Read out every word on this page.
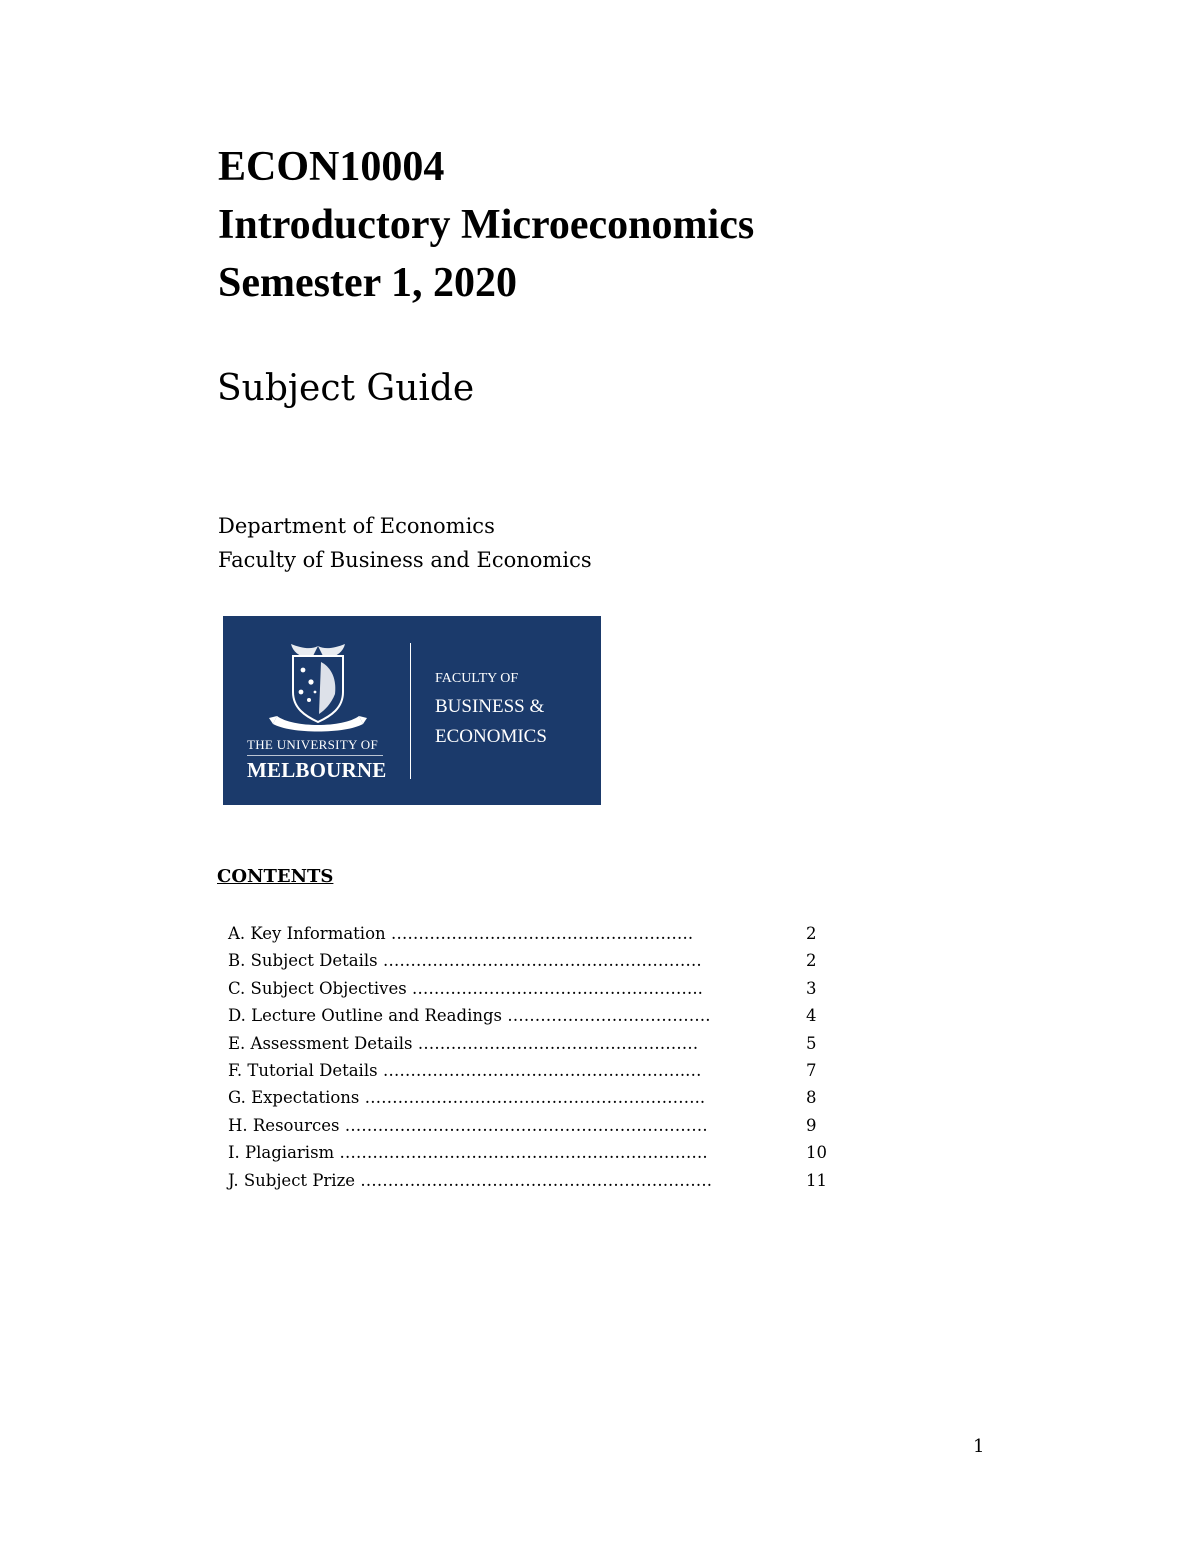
ECON10004
Introductory Microeconomics
Semester 1, 2020
Subject Guide
Department of Economics
Faculty of Business and Economics
THE UNIVERSITY OF
MELBOURNE
FACULTY OF
BUSINESS &
ECONOMICS
CONTENTS
A. Key Information ……………………………………………….	2
B. Subject Details ………………………………………………….	2
C. Subject Objectives ……………………………………………..	3
D. Lecture Outline and Readings ……………………………….	4
E. Assessment Details ……………………………………………	5
F. Tutorial Details ……………………………………………….…	7
G. Expectations ……………………………………………………..	8
H. Resources …………………………………………………………	9
I. Plagiarism ………………………………………………………….	10
J. Subject Prize ……………………………………………………….	11
1
